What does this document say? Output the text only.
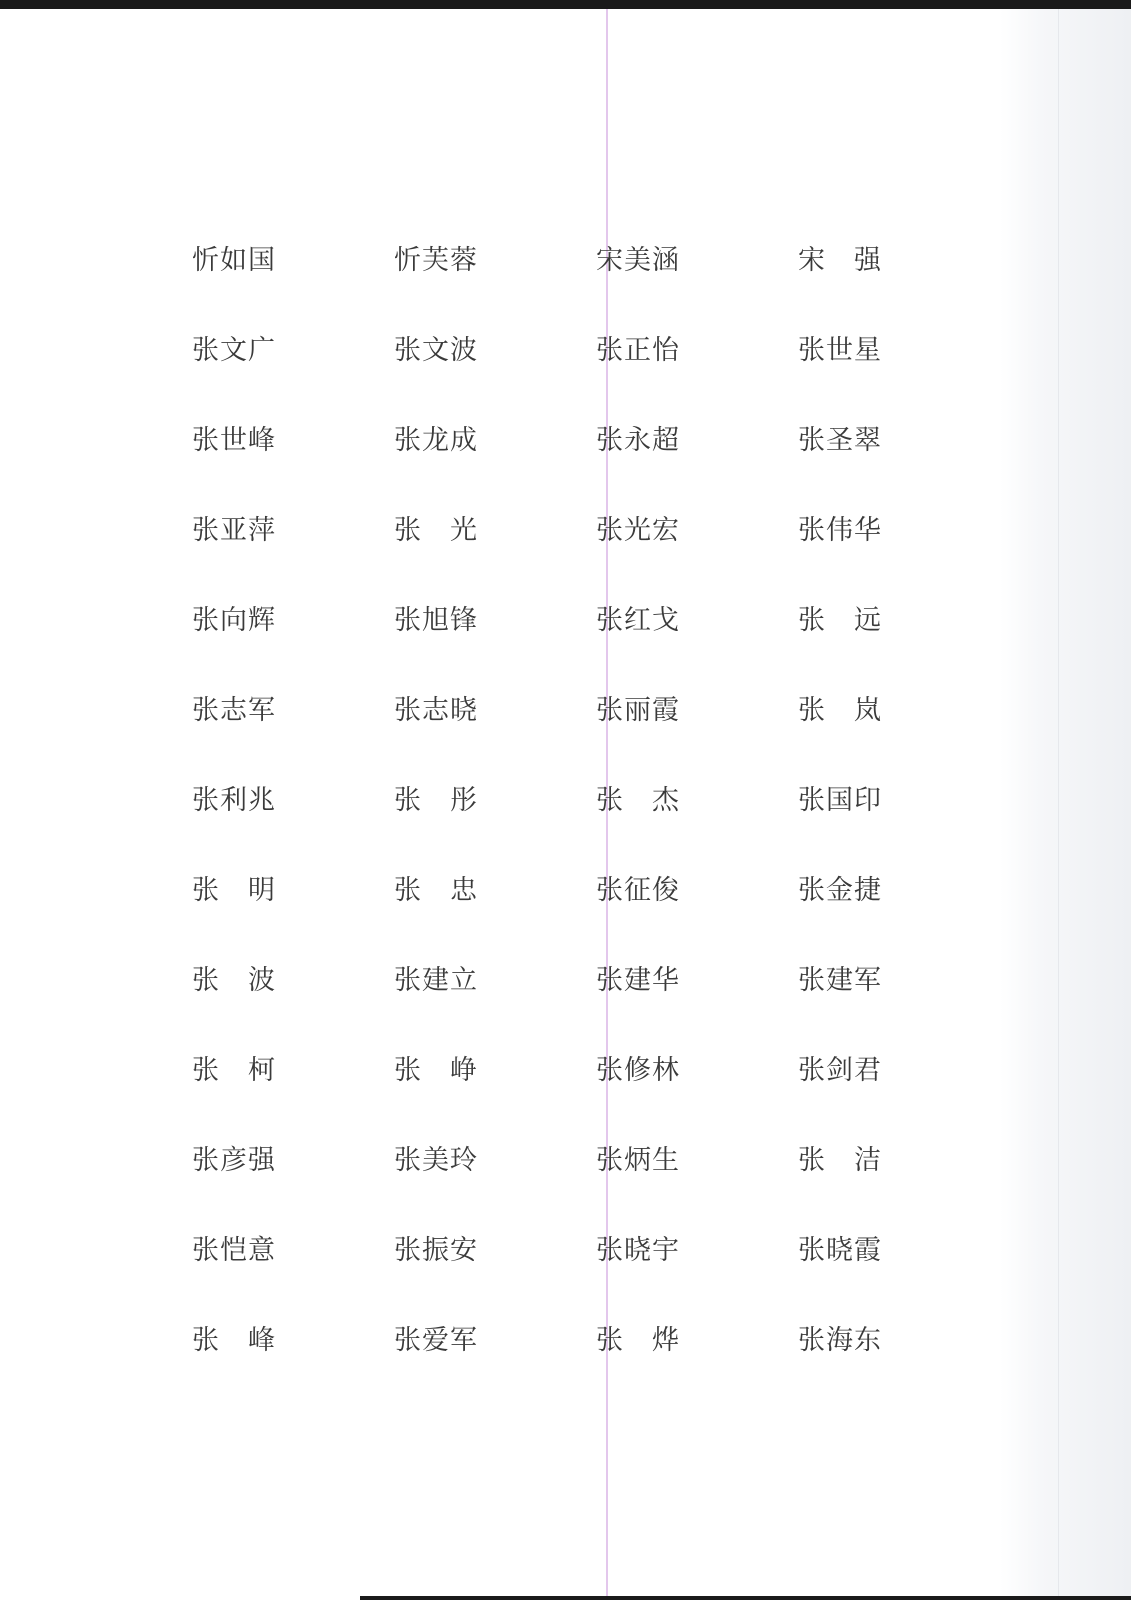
忻如国	忻芙蓉	宋美涵	宋　强
张文广	张文波	张正怡	张世星
张世峰	张龙成	张永超	张圣翠
张亚萍	张　光	张光宏	张伟华
张向辉	张旭锋	张红戈	张　远
张志军	张志晓	张丽霞	张　岚
张利兆	张　彤	张　杰	张国印
张　明	张　忠	张征俊	张金捷
张　波	张建立	张建华	张建军
张　柯	张　峥	张修林	张剑君
张彦强	张美玲	张炳生	张　洁
张恺意	张振安	张晓宇	张晓霞
张　峰	张爱军	张　烨	张海东
